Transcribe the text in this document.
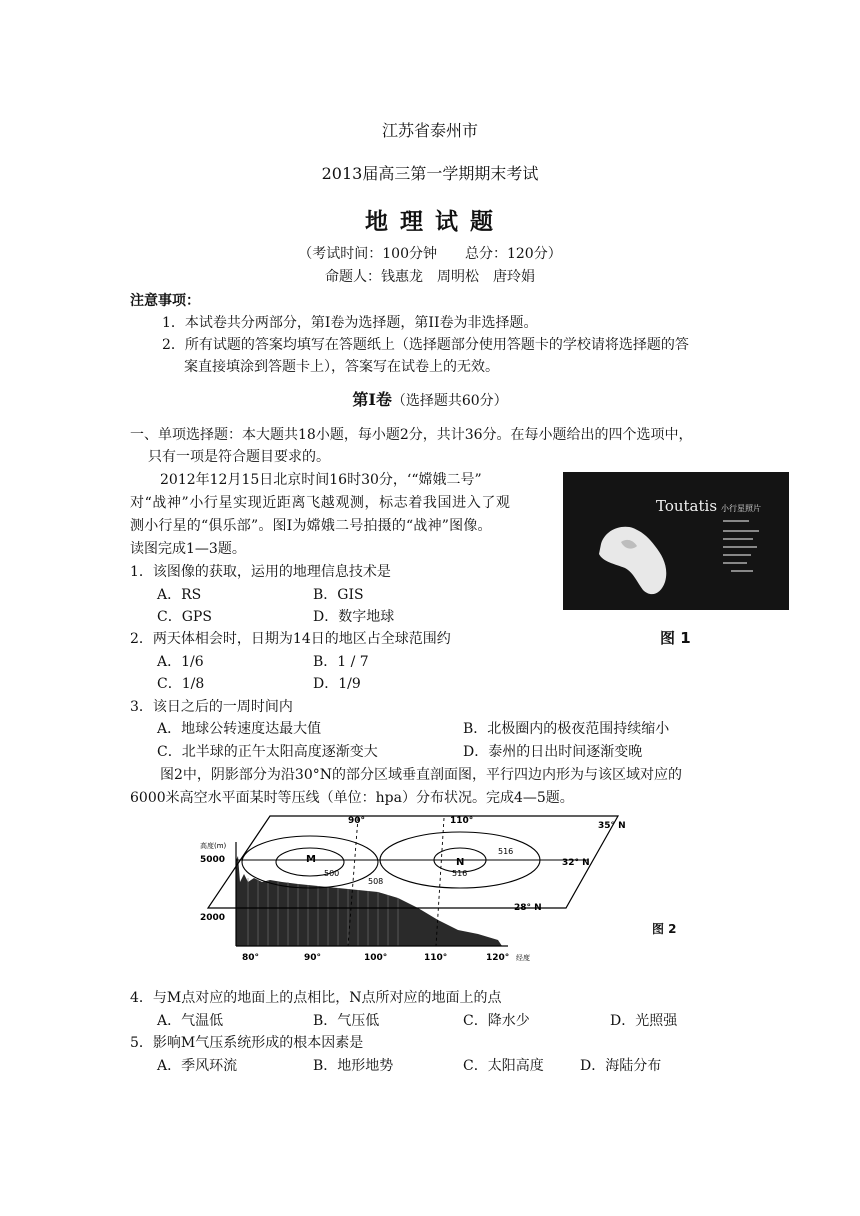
江苏省泰州市
2013届高三第一学期期末考试
地 理 试 题
（考试时间：100分钟　　总分：120分）
命题人：钱惠龙　周明松　唐玲娟
注意事项：
1．本试卷共分两部分，第Ⅰ卷为选择题，第II卷为非选择题。
2．所有试题的答案均填写在答题纸上（选择题部分使用答题卡的学校请将选择题的答
案直接填涂到答题卡上），答案写在试卷上的无效。
第Ⅰ卷（选择题共60分）
一、单项选择题：本大题共18小题，每小题2分，共计36分。在每小题给出的四个选项中，
只有一项是符合题目要求的。
2012年12月15日北京时间16时30分，‘“嫦娥二号”
对“战神”小行星实现近距离飞越观测，标志着我国进入了观
测小行星的“俱乐部”。图Ⅰ为嫦娥二号拍摄的“战神”图像。
读图完成1—3题。
Toutatis 小行星照片
图 1
1．该图像的获取，运用的地理信息技术是
A．RS	B．GIS
C．GPS	D．数字地球
2．两天体相会时，日期为14日的地区占全球范围约
A．1/6	B．1 / 7
C．1/8	D．1/9
3．该日之后的一周时间内
A．地球公转速度达最大值	B．北极圈内的极夜范围持续缩小
C．北半球的正午太阳高度逐渐变大	D．泰州的日出时间逐渐变晚
图2中，阴影部分为沿30°N的部分区域垂直剖面图，平行四边内形为与该区域对应的
6000米高空水平面某时等压线（单位：hpa）分布状况。完成4—5题。
90°	110°	35° N
32° N
28° N
M	N
500
508
516
516
高度(m)
5000
2000
80°	90°	100°	110°	120° 经度
图 2
4．与M点对应的地面上的点相比，N点所对应的地面上的点
A．气温低	B．气压低	C．降水少	D．光照强
5．影响M气压系统形成的根本因素是
A．季风环流	B．地形地势	C．太阳高度	D．海陆分布
